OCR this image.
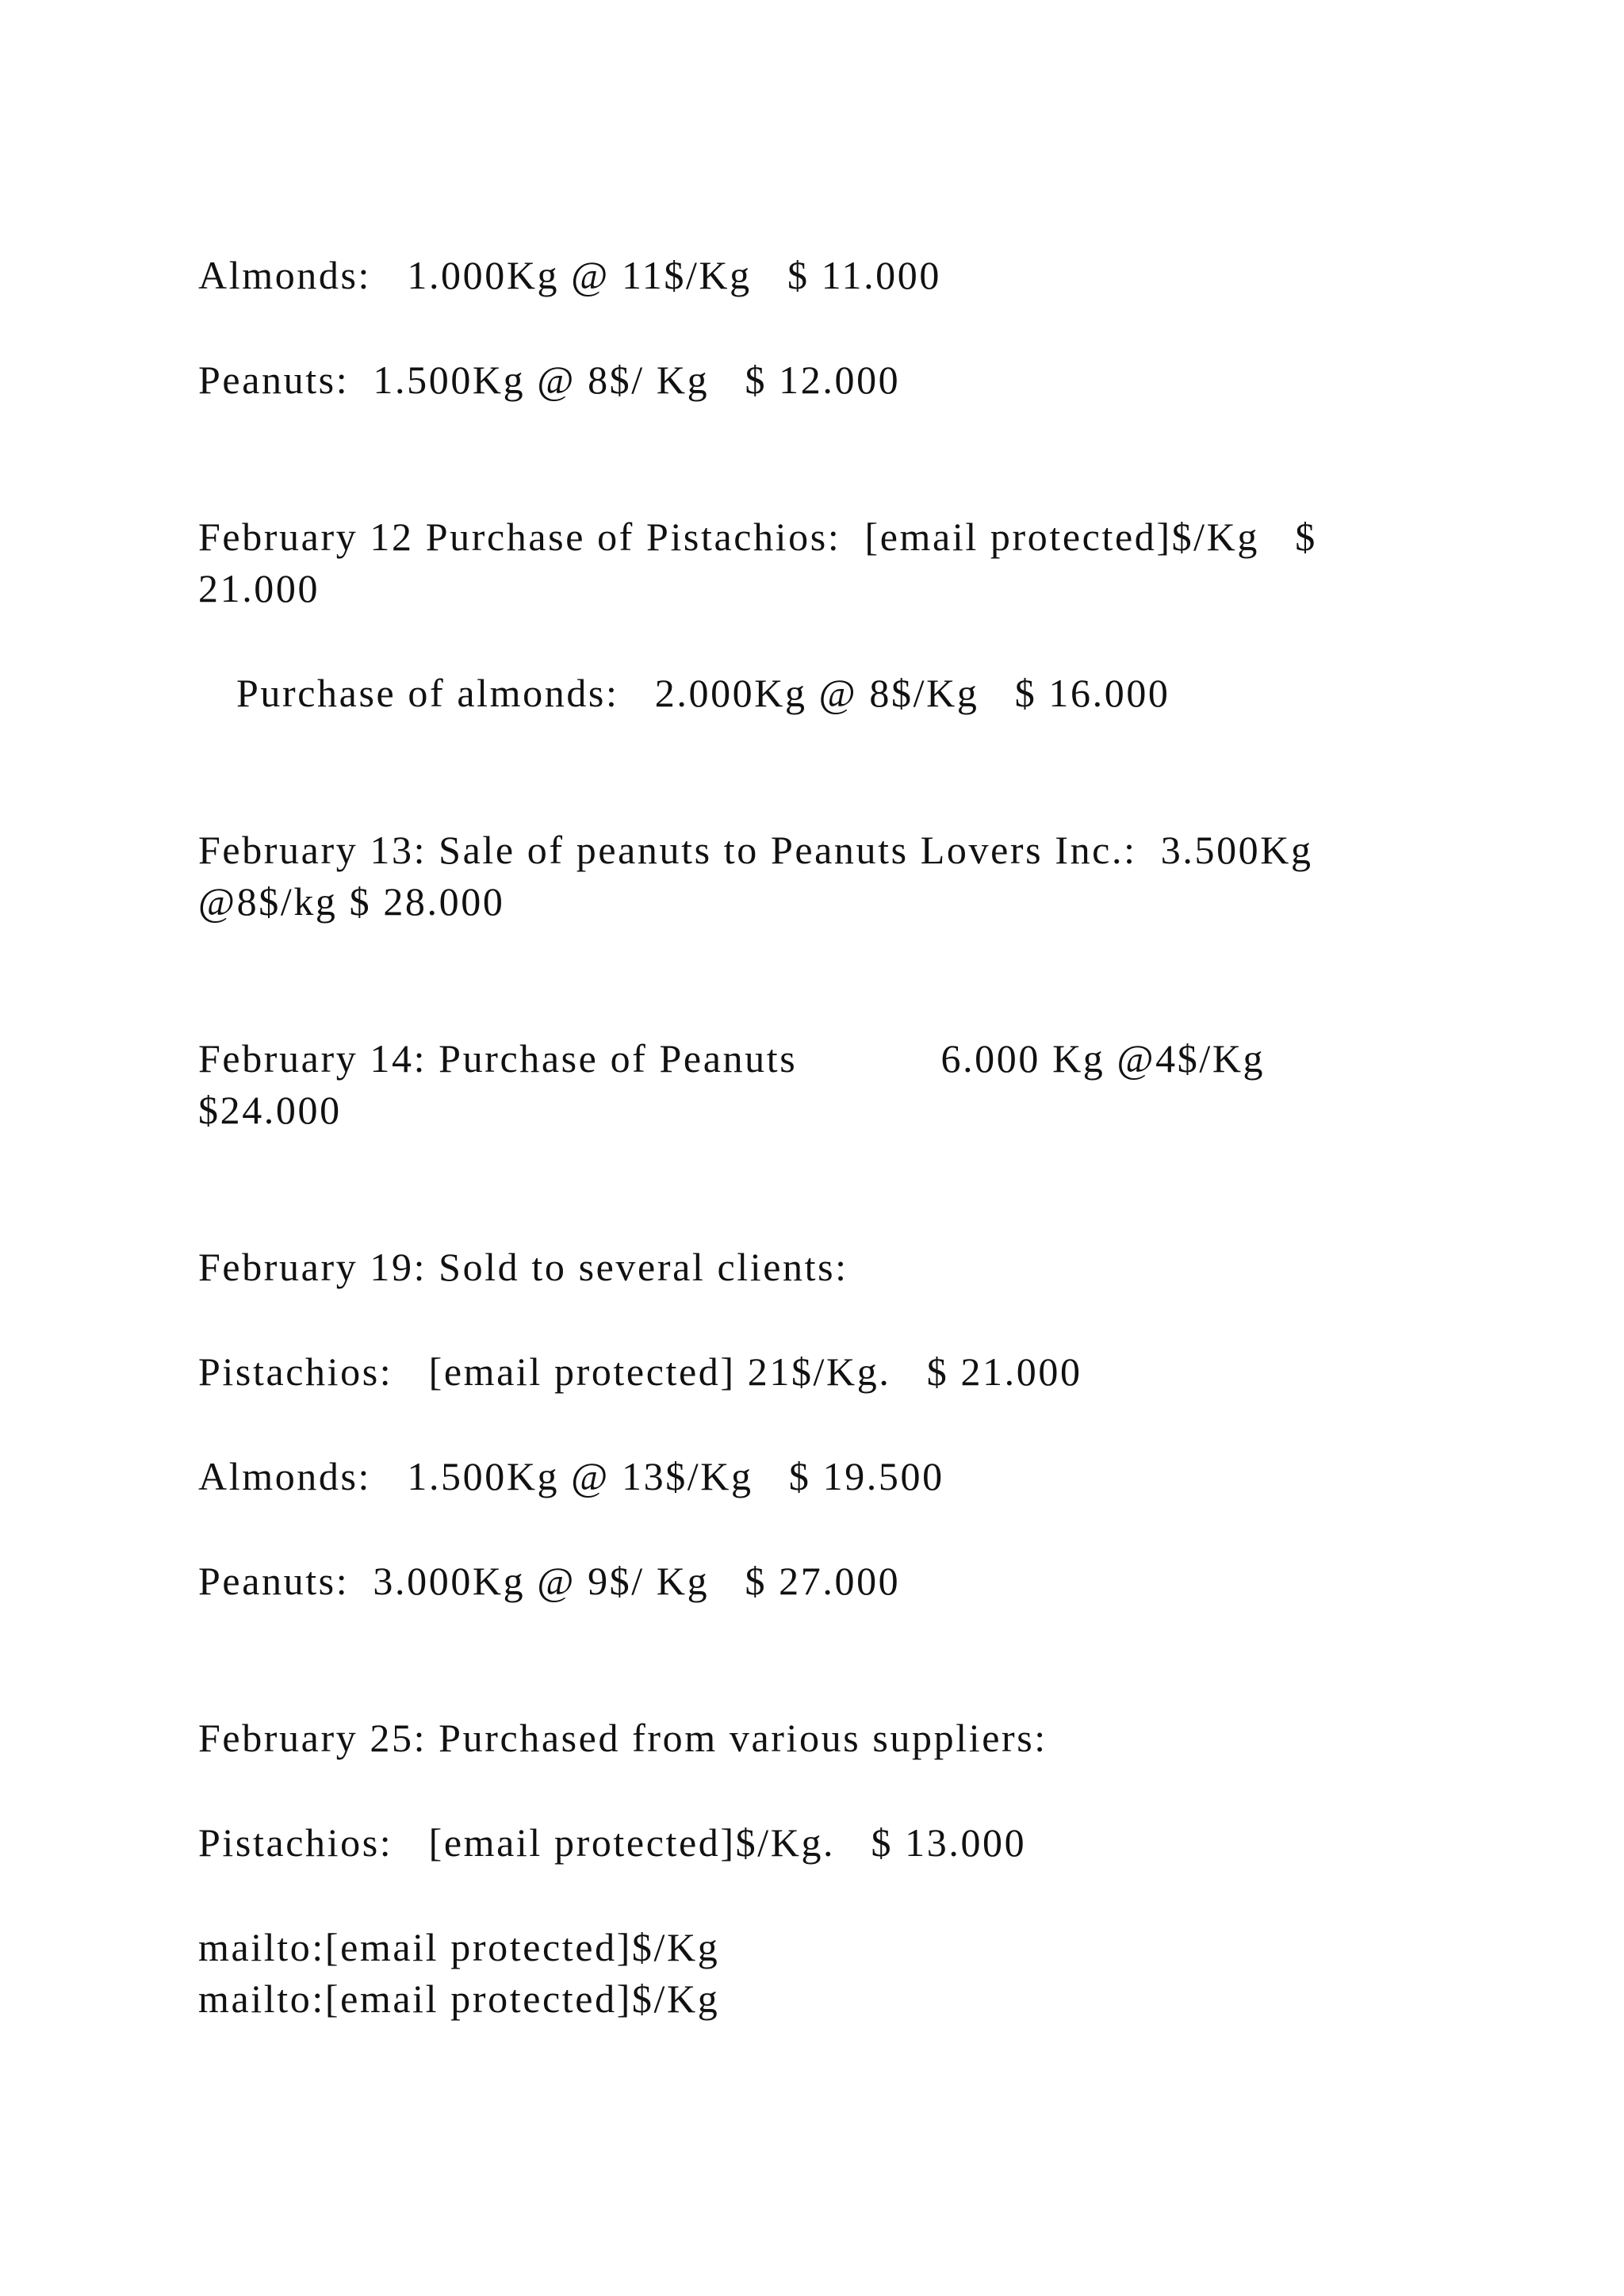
Almonds:   1.000Kg @ 11$/Kg   $ 11.000

Peanuts:  1.500Kg @ 8$/ Kg   $ 12.000

February 12 Purchase of Pistachios:  [email protected]$/Kg   $

21.000

Purchase of almonds:   2.000Kg @ 8$/Kg   $ 16.000

February 13: Sale of peanuts to Peanuts Lovers Inc.:  3.500Kg

@8$/kg $ 28.000

February 14: Purchase of Peanuts            6.000 Kg @4$/Kg

$24.000

February 19: Sold to several clients:

Pistachios:   [email protected] 21$/Kg.   $ 21.000

Almonds:   1.500Kg @ 13$/Kg   $ 19.500

Peanuts:  3.000Kg @ 9$/ Kg   $ 27.000

February 25: Purchased from various suppliers:

Pistachios:   [email protected]$/Kg.   $ 13.000

mailto:[email protected]$/Kg

mailto:[email protected]$/Kg
